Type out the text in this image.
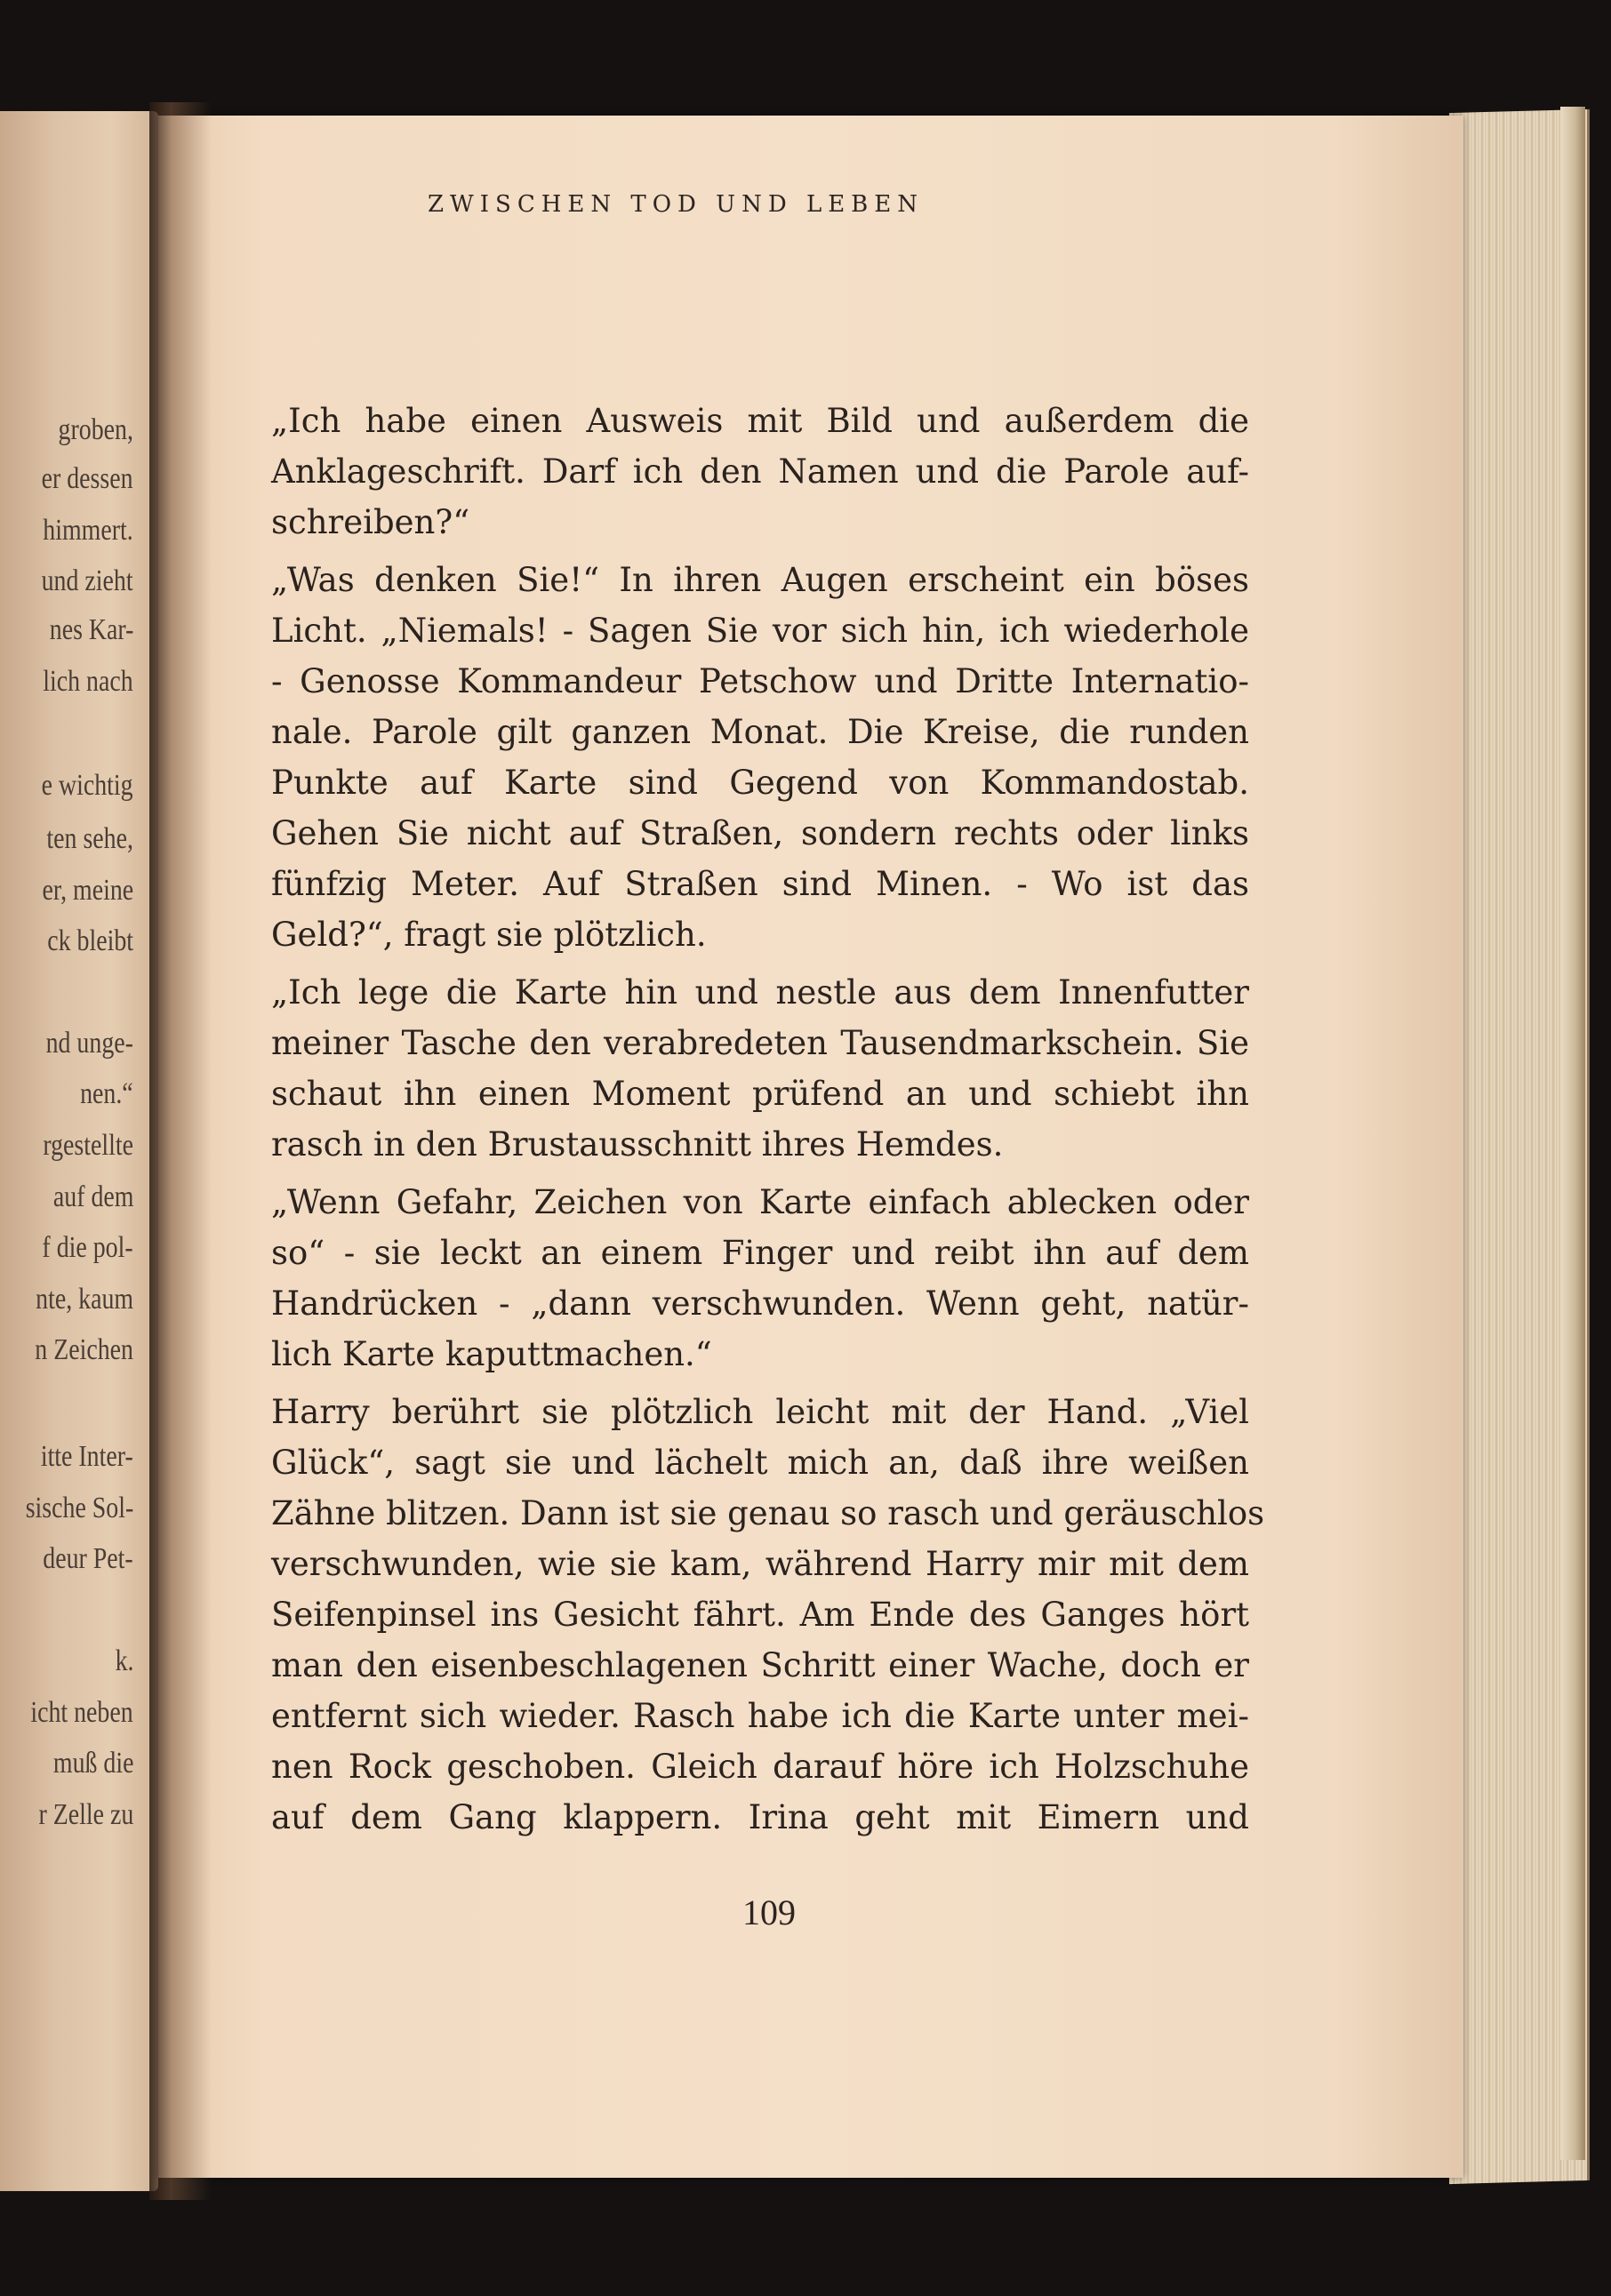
groben,
er dessen
himmert.
und zieht
nes Kar-
lich nach
e wichtig
ten sehe,
er, meine
ck bleibt
nd unge-
nen.“
rgestellte
auf dem
f die pol-
nte, kaum
n Zeichen
itte Inter-
sische Sol-
deur Pet-
k.
icht neben
muß die
r Zelle zu
ZWISCHEN TOD UND LEBEN
„Ich habe einen Ausweis mit Bild und außerdem die
Anklageschrift. Darf ich den Namen und die Parole auf-
schreiben?“
„Was denken Sie!“ In ihren Augen erscheint ein böses
Licht. „Niemals! - Sagen Sie vor sich hin, ich wiederhole
- Genosse Kommandeur Petschow und Dritte Internatio-
nale. Parole gilt ganzen Monat. Die Kreise, die runden
Punkte auf Karte sind Gegend von Kommandostab.
Gehen Sie nicht auf Straßen, sondern rechts oder links
fünfzig Meter. Auf Straßen sind Minen. - Wo ist das
Geld?“, fragt sie plötzlich.
„Ich lege die Karte hin und nestle aus dem Innenfutter
meiner Tasche den verabredeten Tausendmarkschein. Sie
schaut ihn einen Moment prüfend an und schiebt ihn
rasch in den Brustausschnitt ihres Hemdes.
„Wenn Gefahr, Zeichen von Karte einfach ablecken oder
so“ - sie leckt an einem Finger und reibt ihn auf dem
Handrücken - „dann verschwunden. Wenn geht, natür-
lich Karte kaputtmachen.“
Harry berührt sie plötzlich leicht mit der Hand. „Viel
Glück“, sagt sie und lächelt mich an, daß ihre weißen
Zähne blitzen. Dann ist sie genau so rasch und geräuschlos
verschwunden, wie sie kam, während Harry mir mit dem
Seifenpinsel ins Gesicht fährt. Am Ende des Ganges hört
man den eisenbeschlagenen Schritt einer Wache, doch er
entfernt sich wieder. Rasch habe ich die Karte unter mei-
nen Rock geschoben. Gleich darauf höre ich Holzschuhe
auf dem Gang klappern. Irina geht mit Eimern und
109
